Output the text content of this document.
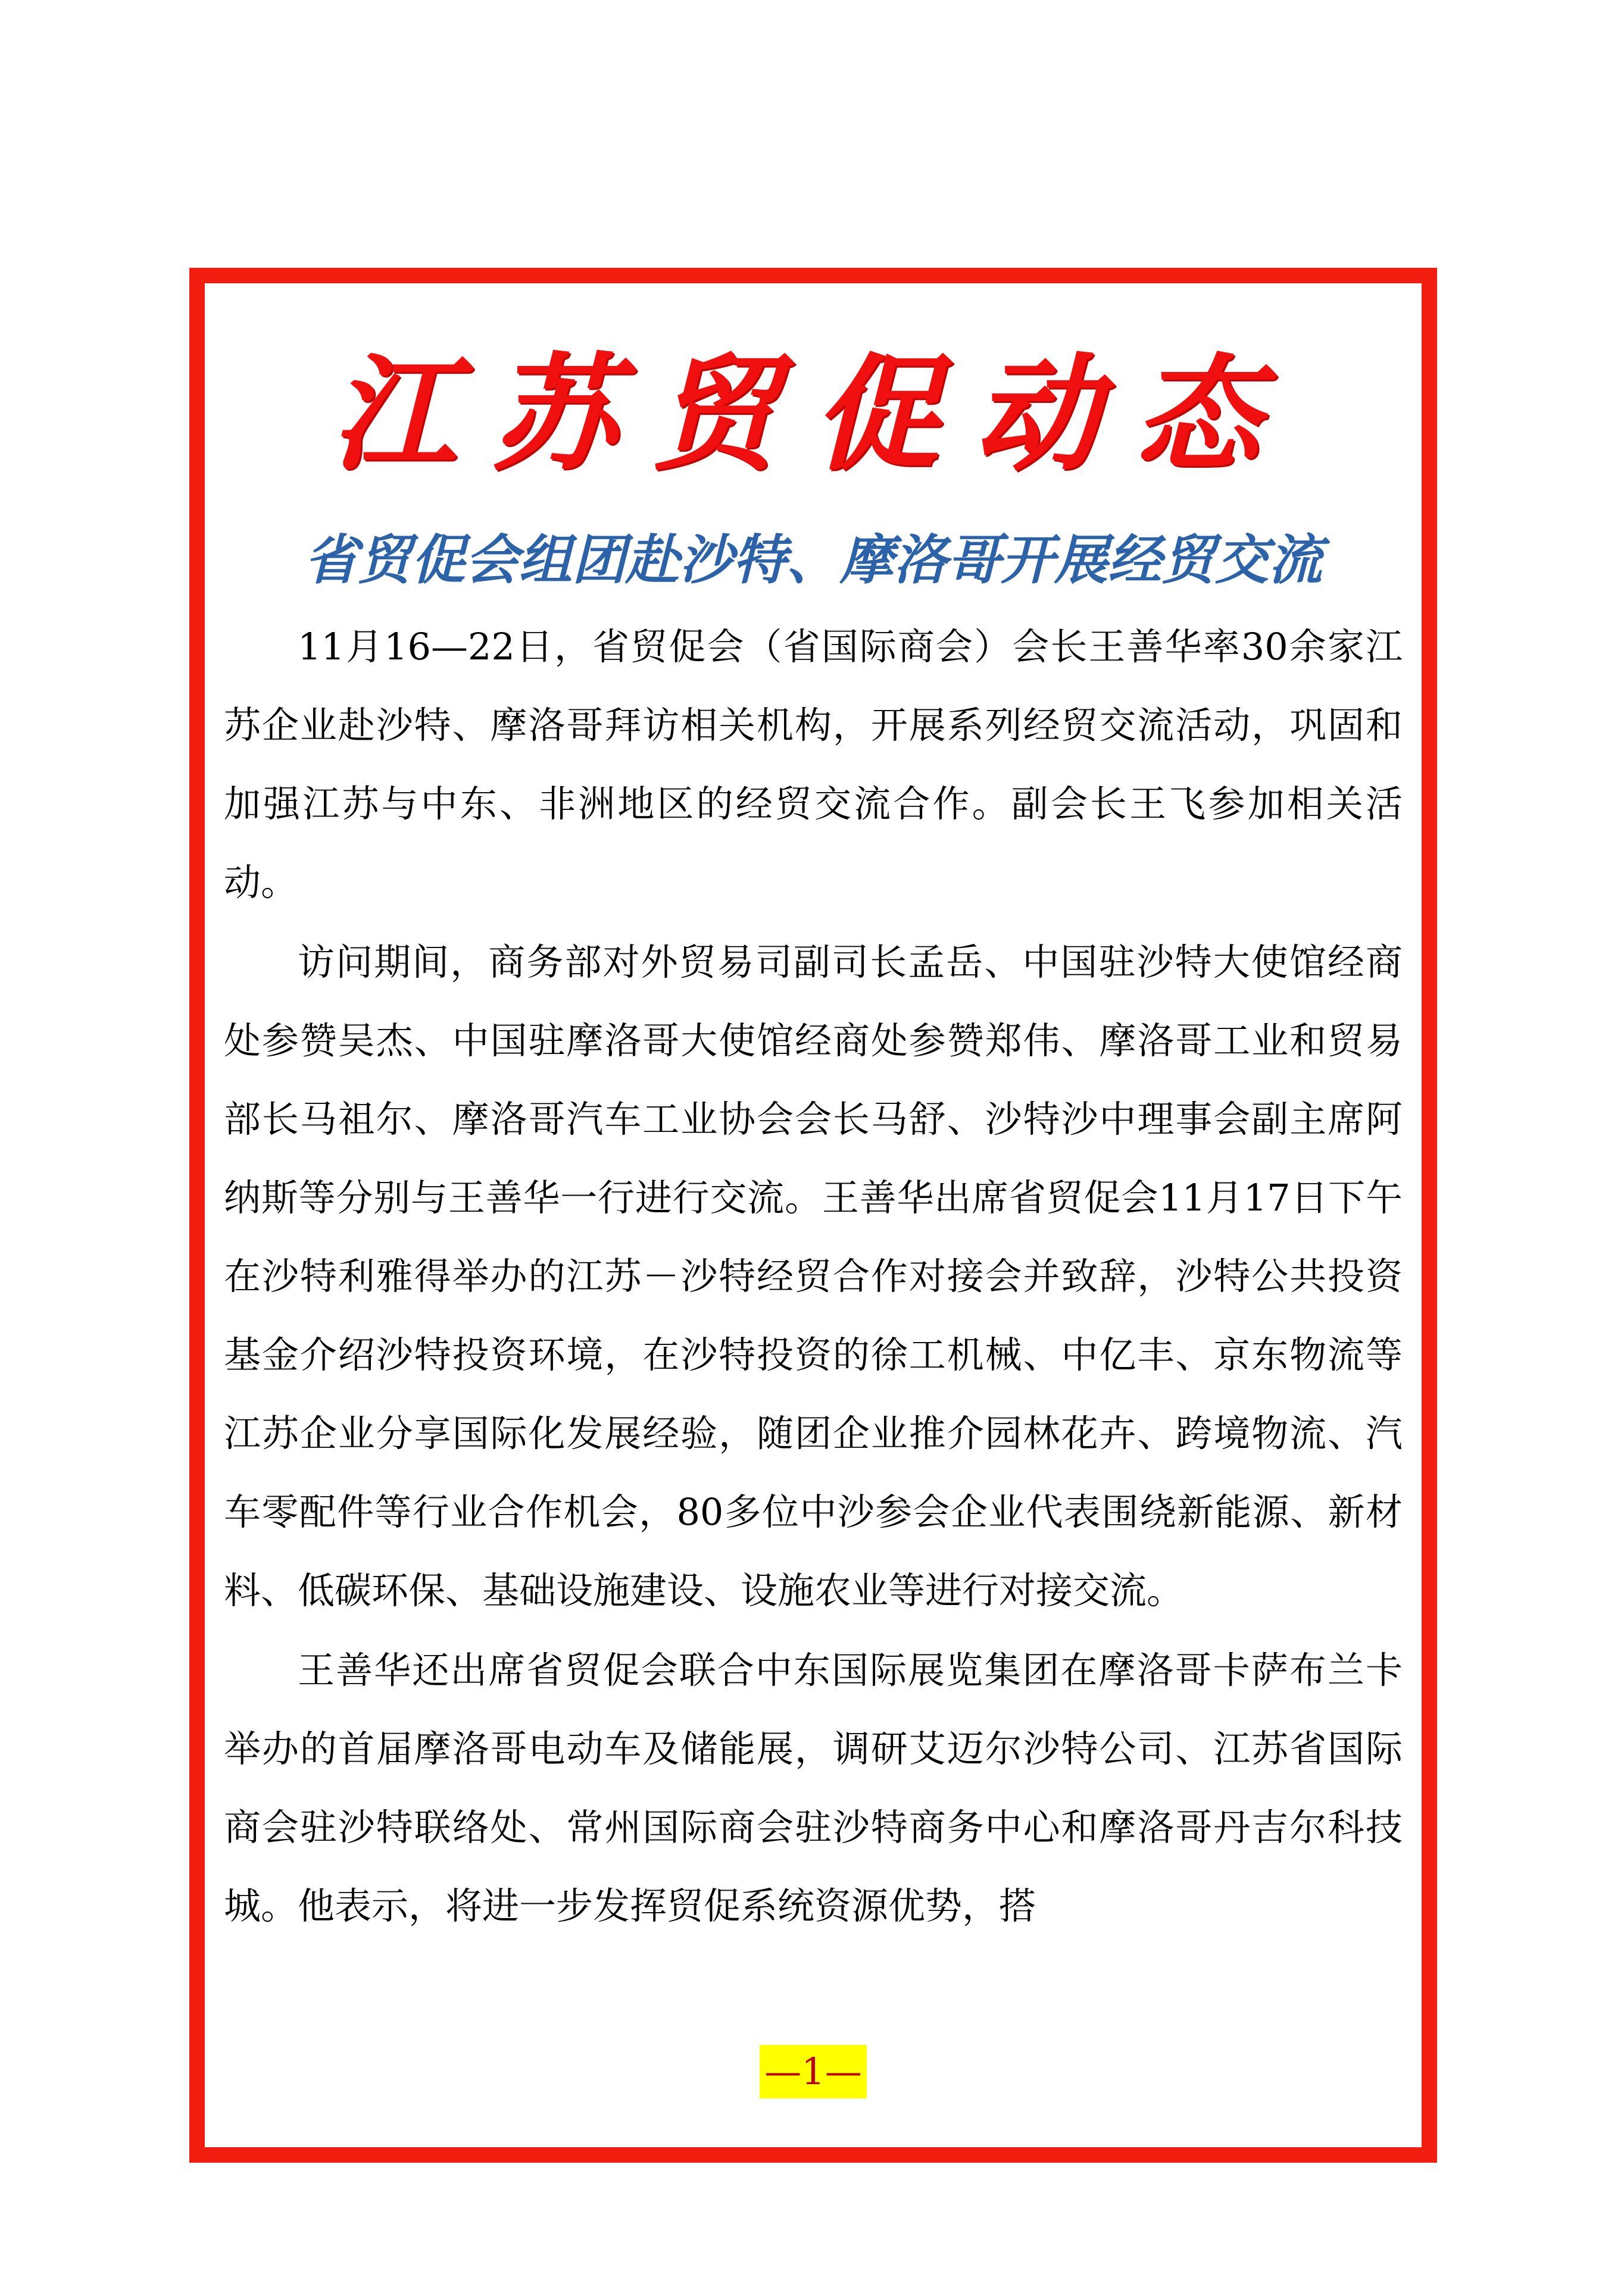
江苏贸促动态
省贸促会组团赴沙特、摩洛哥开展经贸交流

11月16—22日，省贸促会（省国际商会）会长王善华率30余家江苏企业赴沙特、摩洛哥拜访相关机构，开展系列经贸交流活动，巩固和加强江苏与中东、非洲地区的经贸交流合作。副会长王飞参加相关活动。

访问期间，商务部对外贸易司副司长孟岳、中国驻沙特大使馆经商处参赞吴杰、中国驻摩洛哥大使馆经商处参赞郑伟、摩洛哥工业和贸易部长马祖尔、摩洛哥汽车工业协会会长马舒、沙特沙中理事会副主席阿纳斯等分别与王善华一行进行交流。王善华出席省贸促会11月17日下午在沙特利雅得举办的江苏－沙特经贸合作对接会并致辞，沙特公共投资基金介绍沙特投资环境，在沙特投资的徐工机械、中亿丰、京东物流等江苏企业分享国际化发展经验，随团企业推介园林花卉、跨境物流、汽车零配件等行业合作机会，80多位中沙参会企业代表围绕新能源、新材料、低碳环保、基础设施建设、设施农业等进行对接交流。

王善华还出席省贸促会联合中东国际展览集团在摩洛哥卡萨布兰卡举办的首届摩洛哥电动车及储能展，调研艾迈尔沙特公司、江苏省国际商会驻沙特联络处、常州国际商会驻沙特商务中心和摩洛哥丹吉尔科技城。他表示，将进一步发挥贸促系统资源优势，搭

—1—
